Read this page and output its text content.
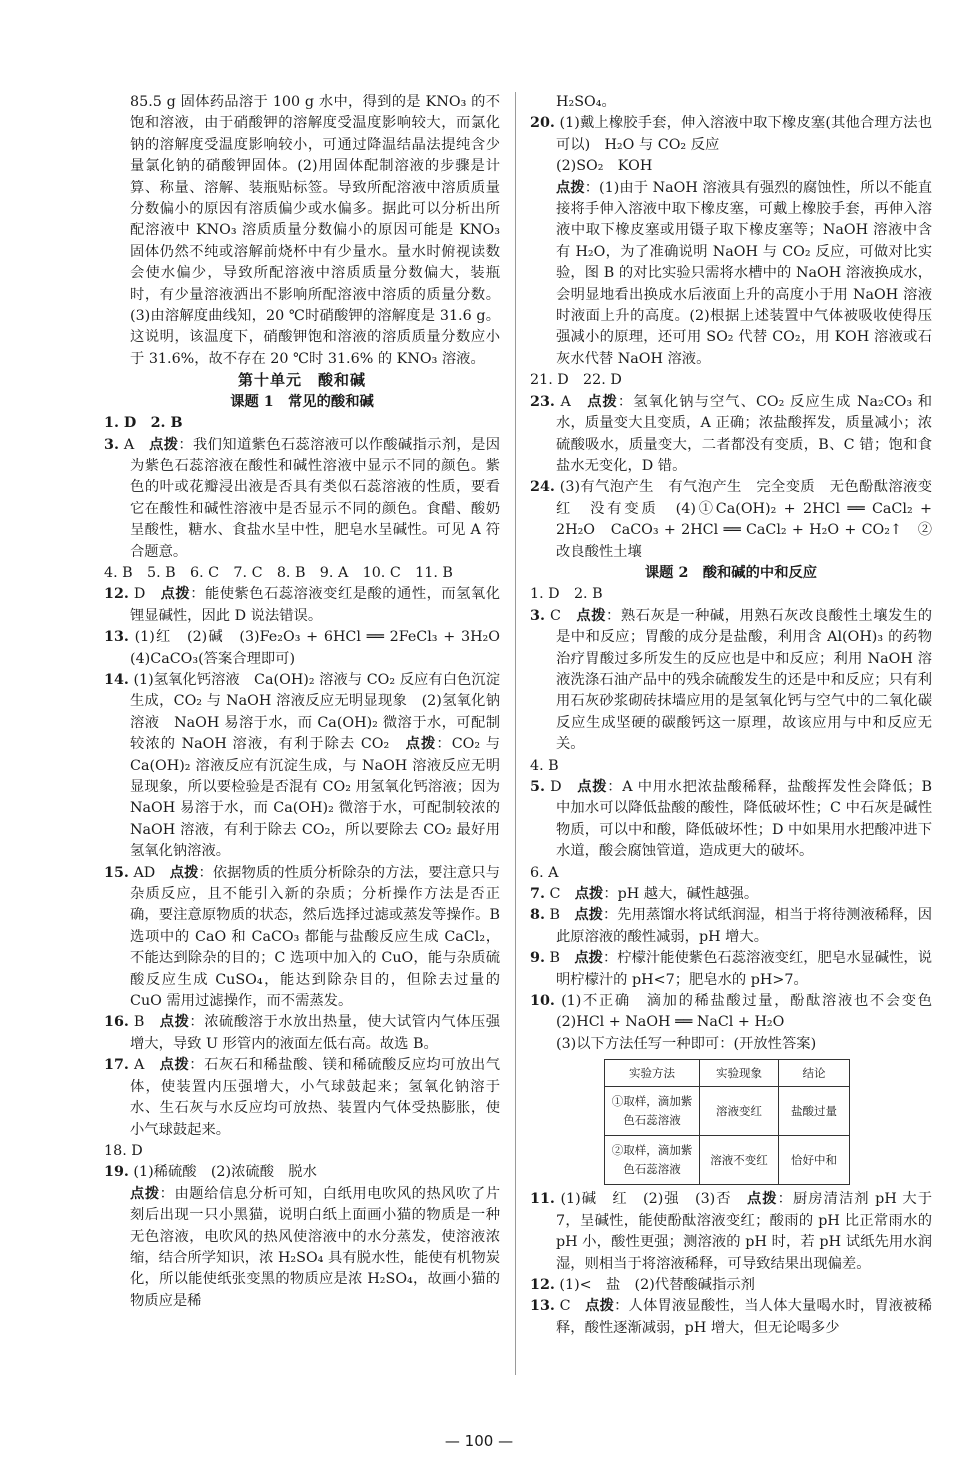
85.5 g 固体药品溶于 100 g 水中，得到的是 KNO₃ 的不饱和溶液，由于硝酸钾的溶解度受温度影响较大，而氯化钠的溶解度受温度影响较小，可通过降温结晶法提纯含少量氯化钠的硝酸钾固体。(2)用固体配制溶液的步骤是计算、称量、溶解、装瓶贴标签。导致所配溶液中溶质质量分数偏小的原因有溶质偏少或水偏多。据此可以分析出所配溶液中 KNO₃ 溶质质量分数偏小的原因可能是 KNO₃ 固体仍然不纯或溶解前烧杯中有少量水。量水时俯视读数会使水偏少，导致所配溶液中溶质质量分数偏大，装瓶时，有少量溶液洒出不影响所配溶液中溶质的质量分数。(3)由溶解度曲线知，20 ℃时硝酸钾的溶解度是 31.6 g。这说明，该温度下，硝酸钾饱和溶液的溶质质量分数应小于 31.6%，故不存在 20 ℃时 31.6% 的 KNO₃ 溶液。

第十单元　酸和碱

课题 1　常见的酸和碱

1. D　2. B

3. A　点拨：我们知道紫色石蕊溶液可以作酸碱指示剂，是因为紫色石蕊溶液在酸性和碱性溶液中显示不同的颜色。紫色的叶或花瓣浸出液是否具有类似石蕊溶液的性质，要看它在酸性和碱性溶液中是否显示不同的颜色。食醋、酸奶呈酸性，糖水、食盐水呈中性，肥皂水呈碱性。可见 A 符合题意。

4. B　5. B　6. C　7. C　8. B　9. A　10. C　11. B

12. D　点拨：能使紫色石蕊溶液变红是酸的通性，而氢氧化锂显碱性，因此 D 说法错误。

13. (1)红　(2)碱　(3)Fe₂O₃ + 6HCl ══ 2FeCl₃ + 3H₂O　(4)CaCO₃(答案合理即可)

14. (1)氢氧化钙溶液　Ca(OH)₂ 溶液与 CO₂ 反应有白色沉淀生成，CO₂ 与 NaOH 溶液反应无明显现象　(2)氢氧化钠溶液　NaOH 易溶于水，而 Ca(OH)₂ 微溶于水，可配制较浓的 NaOH 溶液，有利于除去 CO₂　点拨：CO₂ 与 Ca(OH)₂ 溶液反应有沉淀生成，与 NaOH 溶液反应无明显现象，所以要检验是否混有 CO₂ 用氢氧化钙溶液；因为 NaOH 易溶于水，而 Ca(OH)₂ 微溶于水，可配制较浓的 NaOH 溶液，有利于除去 CO₂，所以要除去 CO₂ 最好用氢氧化钠溶液。

15. AD　点拨：依据物质的性质分析除杂的方法，要注意只与杂质反应，且不能引入新的杂质；分析操作方法是否正确，要注意原物质的状态，然后选择过滤或蒸发等操作。B 选项中的 CaO 和 CaCO₃ 都能与盐酸反应生成 CaCl₂，不能达到除杂的目的；C 选项中加入的 CuO，能与杂质硫酸反应生成 CuSO₄，能达到除杂目的，但除去过量的 CuO 需用过滤操作，而不需蒸发。

16. B　点拨：浓硫酸溶于水放出热量，使大试管内气体压强增大，导致 U 形管内的液面左低右高。故选 B。

17. A　点拨：石灰石和稀盐酸、镁和稀硫酸反应均可放出气体，使装置内压强增大，小气球鼓起来；氢氧化钠溶于水、生石灰与水反应均可放热、装置内气体受热膨胀，使小气球鼓起来。

18. D

19. (1)稀硫酸　(2)浓硫酸　脱水

点拨：由题给信息分析可知，白纸用电吹风的热风吹了片刻后出现一只小黑猫，说明白纸上面画小猫的物质是一种无色溶液，电吹风的热风使溶液中的水分蒸发，使溶液浓缩，结合所学知识，浓 H₂SO₄ 具有脱水性，能使有机物炭化，所以能使纸张变黑的物质应是浓 H₂SO₄，故画小猫的物质应是稀

H₂SO₄。

20. (1)戴上橡胶手套，伸入溶液中取下橡皮塞(其他合理方法也可以)　H₂O 与 CO₂ 反应

(2)SO₂　KOH

点拨：(1)由于 NaOH 溶液具有强烈的腐蚀性，所以不能直接将手伸入溶液中取下橡皮塞，可戴上橡胶手套，再伸入溶液中取下橡皮塞或用镊子取下橡皮塞等；NaOH 溶液中含有 H₂O，为了准确说明 NaOH 与 CO₂ 反应，可做对比实验，图 B 的对比实验只需将水槽中的 NaOH 溶液换成水，会明显地看出换成水后液面上升的高度小于用 NaOH 溶液时液面上升的高度。(2)根据上述装置中气体被吸收使得压强减小的原理，还可用 SO₂ 代替 CO₂，用 KOH 溶液或石灰水代替 NaOH 溶液。

21. D　22. D

23. A　点拨：氢氧化钠与空气、CO₂ 反应生成 Na₂CO₃ 和水，质量变大且变质，A 正确；浓盐酸挥发，质量减小；浓硫酸吸水，质量变大，二者都没有变质，B、C 错；饱和食盐水无变化，D 错。

24. (3)有气泡产生　有气泡产生　完全变质　无色酚酞溶液变红　没有变质　(4)①Ca(OH)₂ + 2HCl ══ CaCl₂ + 2H₂O　CaCO₃ + 2HCl ══ CaCl₂ + H₂O + CO₂↑　②改良酸性土壤

课题 2　酸和碱的中和反应

1. D　2. B

3. C　点拨：熟石灰是一种碱，用熟石灰改良酸性土壤发生的是中和反应；胃酸的成分是盐酸，利用含 Al(OH)₃ 的药物治疗胃酸过多所发生的反应也是中和反应；利用 NaOH 溶液洗涤石油产品中的残余硫酸发生的还是中和反应；只有利用石灰砂浆砌砖抹墙应用的是氢氧化钙与空气中的二氧化碳反应生成坚硬的碳酸钙这一原理，故该应用与中和反应无关。

4. B

5. D　点拨：A 中用水把浓盐酸稀释，盐酸挥发性会降低；B 中加水可以降低盐酸的酸性，降低破坏性；C 中石灰是碱性物质，可以中和酸，降低破坏性；D 中如果用水把酸冲进下水道，酸会腐蚀管道，造成更大的破坏。

6. A

7. C　点拨：pH 越大，碱性越强。

8. B　点拨：先用蒸馏水将试纸润湿，相当于将待测液稀释，因此原溶液的酸性减弱，pH 增大。

9. B　点拨：柠檬汁能使紫色石蕊溶液变红，肥皂水显碱性，说明柠檬汁的 pH<7；肥皂水的 pH>7。

10. (1)不正确　滴加的稀盐酸过量，酚酞溶液也不会变色　(2)HCl + NaOH ══ NaCl + H₂O

(3)以下方法任写一种即可：(开放性答案)

实验方法	实验现象	结论
①取样，滴加紫色石蕊溶液	溶液变红	盐酸过量
②取样，滴加紫色石蕊溶液	溶液不变红	恰好中和

11. (1)碱　红　(2)强　(3)否　点拨：厨房清洁剂 pH 大于 7，呈碱性，能使酚酞溶液变红；酸雨的 pH 比正常雨水的 pH 小，酸性更强；测溶液的 pH 时，若 pH 试纸先用水润湿，则相当于将溶液稀释，可导致结果出现偏差。

12. (1)<　盐　(2)代替酸碱指示剂

13. C　点拨：人体胃液显酸性，当人体大量喝水时，胃液被稀释，酸性逐渐减弱，pH 增大，但无论喝多少

— 100 —
